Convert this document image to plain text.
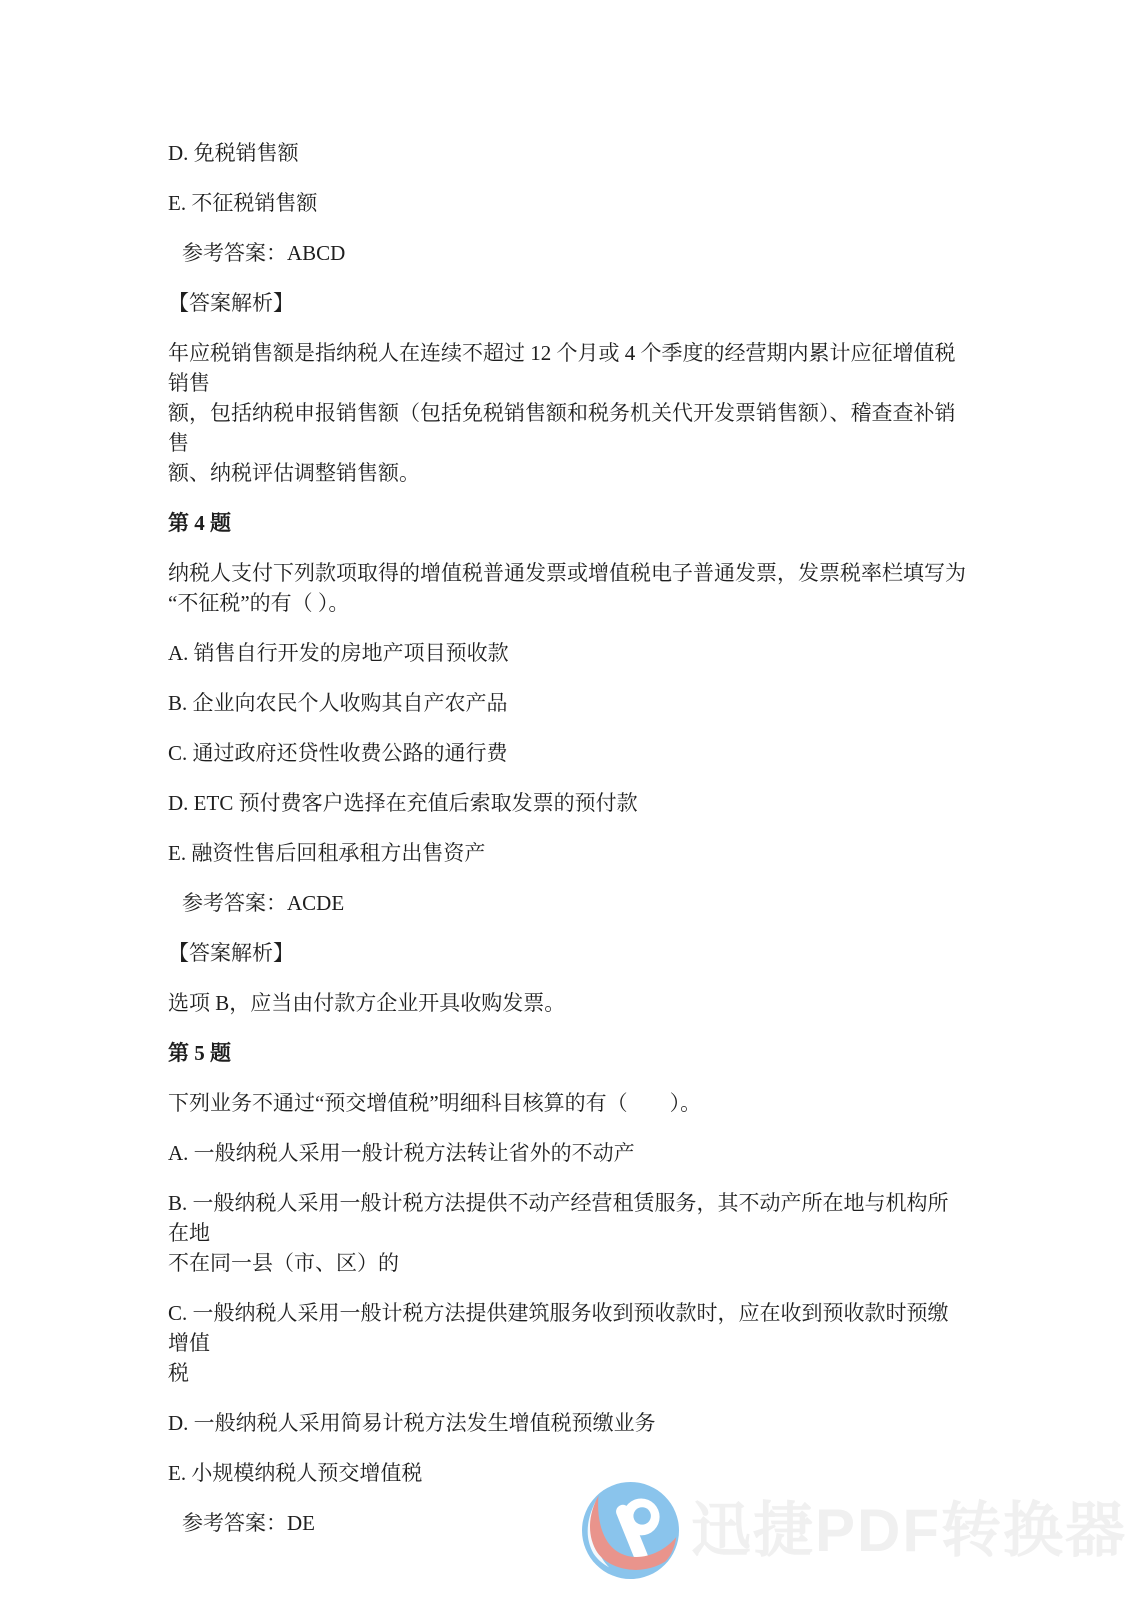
D. 免税销售额

E. 不征税销售额

参考答案：ABCD

【答案解析】

年应税销售额是指纳税人在连续不超过 12 个月或 4 个季度的经营期内累计应征增值税销售
额，包括纳税申报销售额（包括免税销售额和税务机关代开发票销售额）、稽查查补销售
额、纳税评估调整销售额。

第 4 题

纳税人支付下列款项取得的增值税普通发票或增值税电子普通发票，发票税率栏填写为
“不征税”的有（ ）。

A. 销售自行开发的房地产项目预收款

B. 企业向农民个人收购其自产农产品

C. 通过政府还贷性收费公路的通行费

D. ETC 预付费客户选择在充值后索取发票的预付款

E. 融资性售后回租承租方出售资产

参考答案：ACDE

【答案解析】

选项 B，应当由付款方企业开具收购发票。

第 5 题

下列业务不通过“预交增值税”明细科目核算的有（　　）。

A. 一般纳税人采用一般计税方法转让省外的不动产

B. 一般纳税人采用一般计税方法提供不动产经营租赁服务，其不动产所在地与机构所在地
不在同一县（市、区）的
C. 一般纳税人采用一般计税方法提供建筑服务收到预收款时，应在收到预收款时预缴增值
税

D. 一般纳税人采用简易计税方法发生增值税预缴业务

E. 小规模纳税人预交增值税

参考答案：DE	迅捷PDF转换器
